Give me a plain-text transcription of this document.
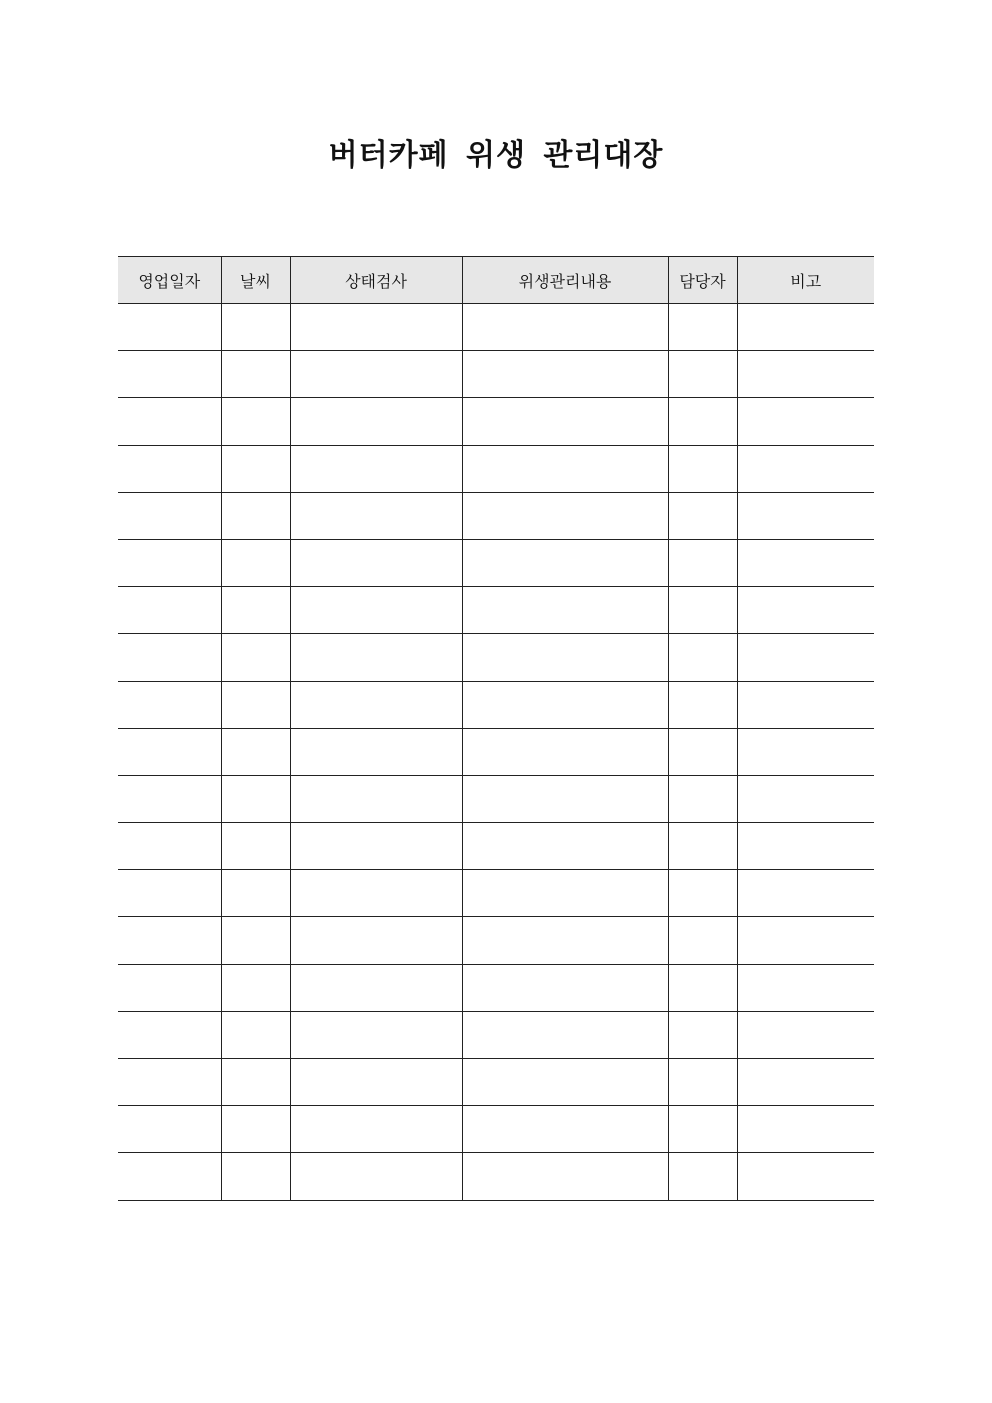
버터카페 위생 관리대장
영업일자	날씨	상태검사	위생관리내용	담당자	비고
